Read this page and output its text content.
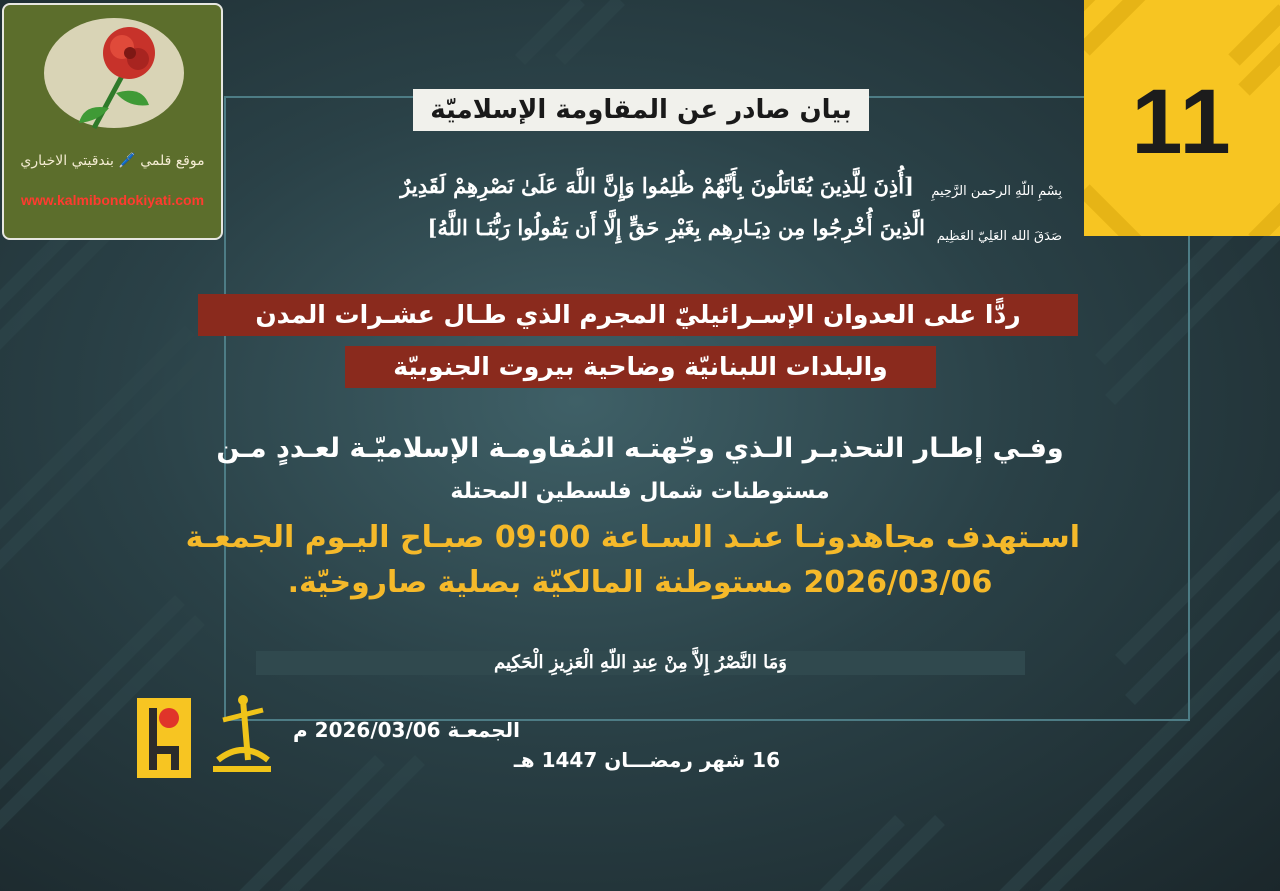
موقع قلمي 🖊️ بندقيتي الاخباري
www.kalmibondokiyati.com
11
بيان صادر عن المقاومة الإسلاميّة
بِسْمِ اللّهِ الرحمن الرَّحِيمِ
[أُذِنَ لِلَّذِينَ يُقَاتَلُونَ بِأَنَّهُمْ ظُلِمُوا وَإِنَّ اللَّهَ عَلَىٰ نَصْرِهِمْ لَقَدِيرٌ
صَدَقَ الله العَلِيّ العَظِيم
الَّذِينَ أُخْرِجُوا مِن دِيَـارِهِم بِغَيْرِ حَقٍّ إِلَّا أَن يَقُولُوا رَبُّنَـا اللَّهُ]
ردًّا على العدوان الإسـرائيليّ المجرم الذي طـال عشـرات المدن
والبلدات اللبنانيّة وضاحية بيروت الجنوبيّة
وفـي إطـار التحذيـر الـذي وجّهتـه المُقاومـة الإسلاميّـة لعـددٍ مـن
مستوطنات شمال فلسطين المحتلة
اسـتهدف مجاهدونـا عنـد السـاعة 09:00 صبـاح اليـوم الجمعـة
2026/03/06 مستوطنة المالكيّة بصلية صاروخيّة.
وَمَا النَّصْرُ إِلاَّ مِنْ عِندِ اللّهِ الْعَزِيزِ الْحَكِيم
الجمعـة 2026/03/06 م
16 شهر رمضـــان 1447 هـ
